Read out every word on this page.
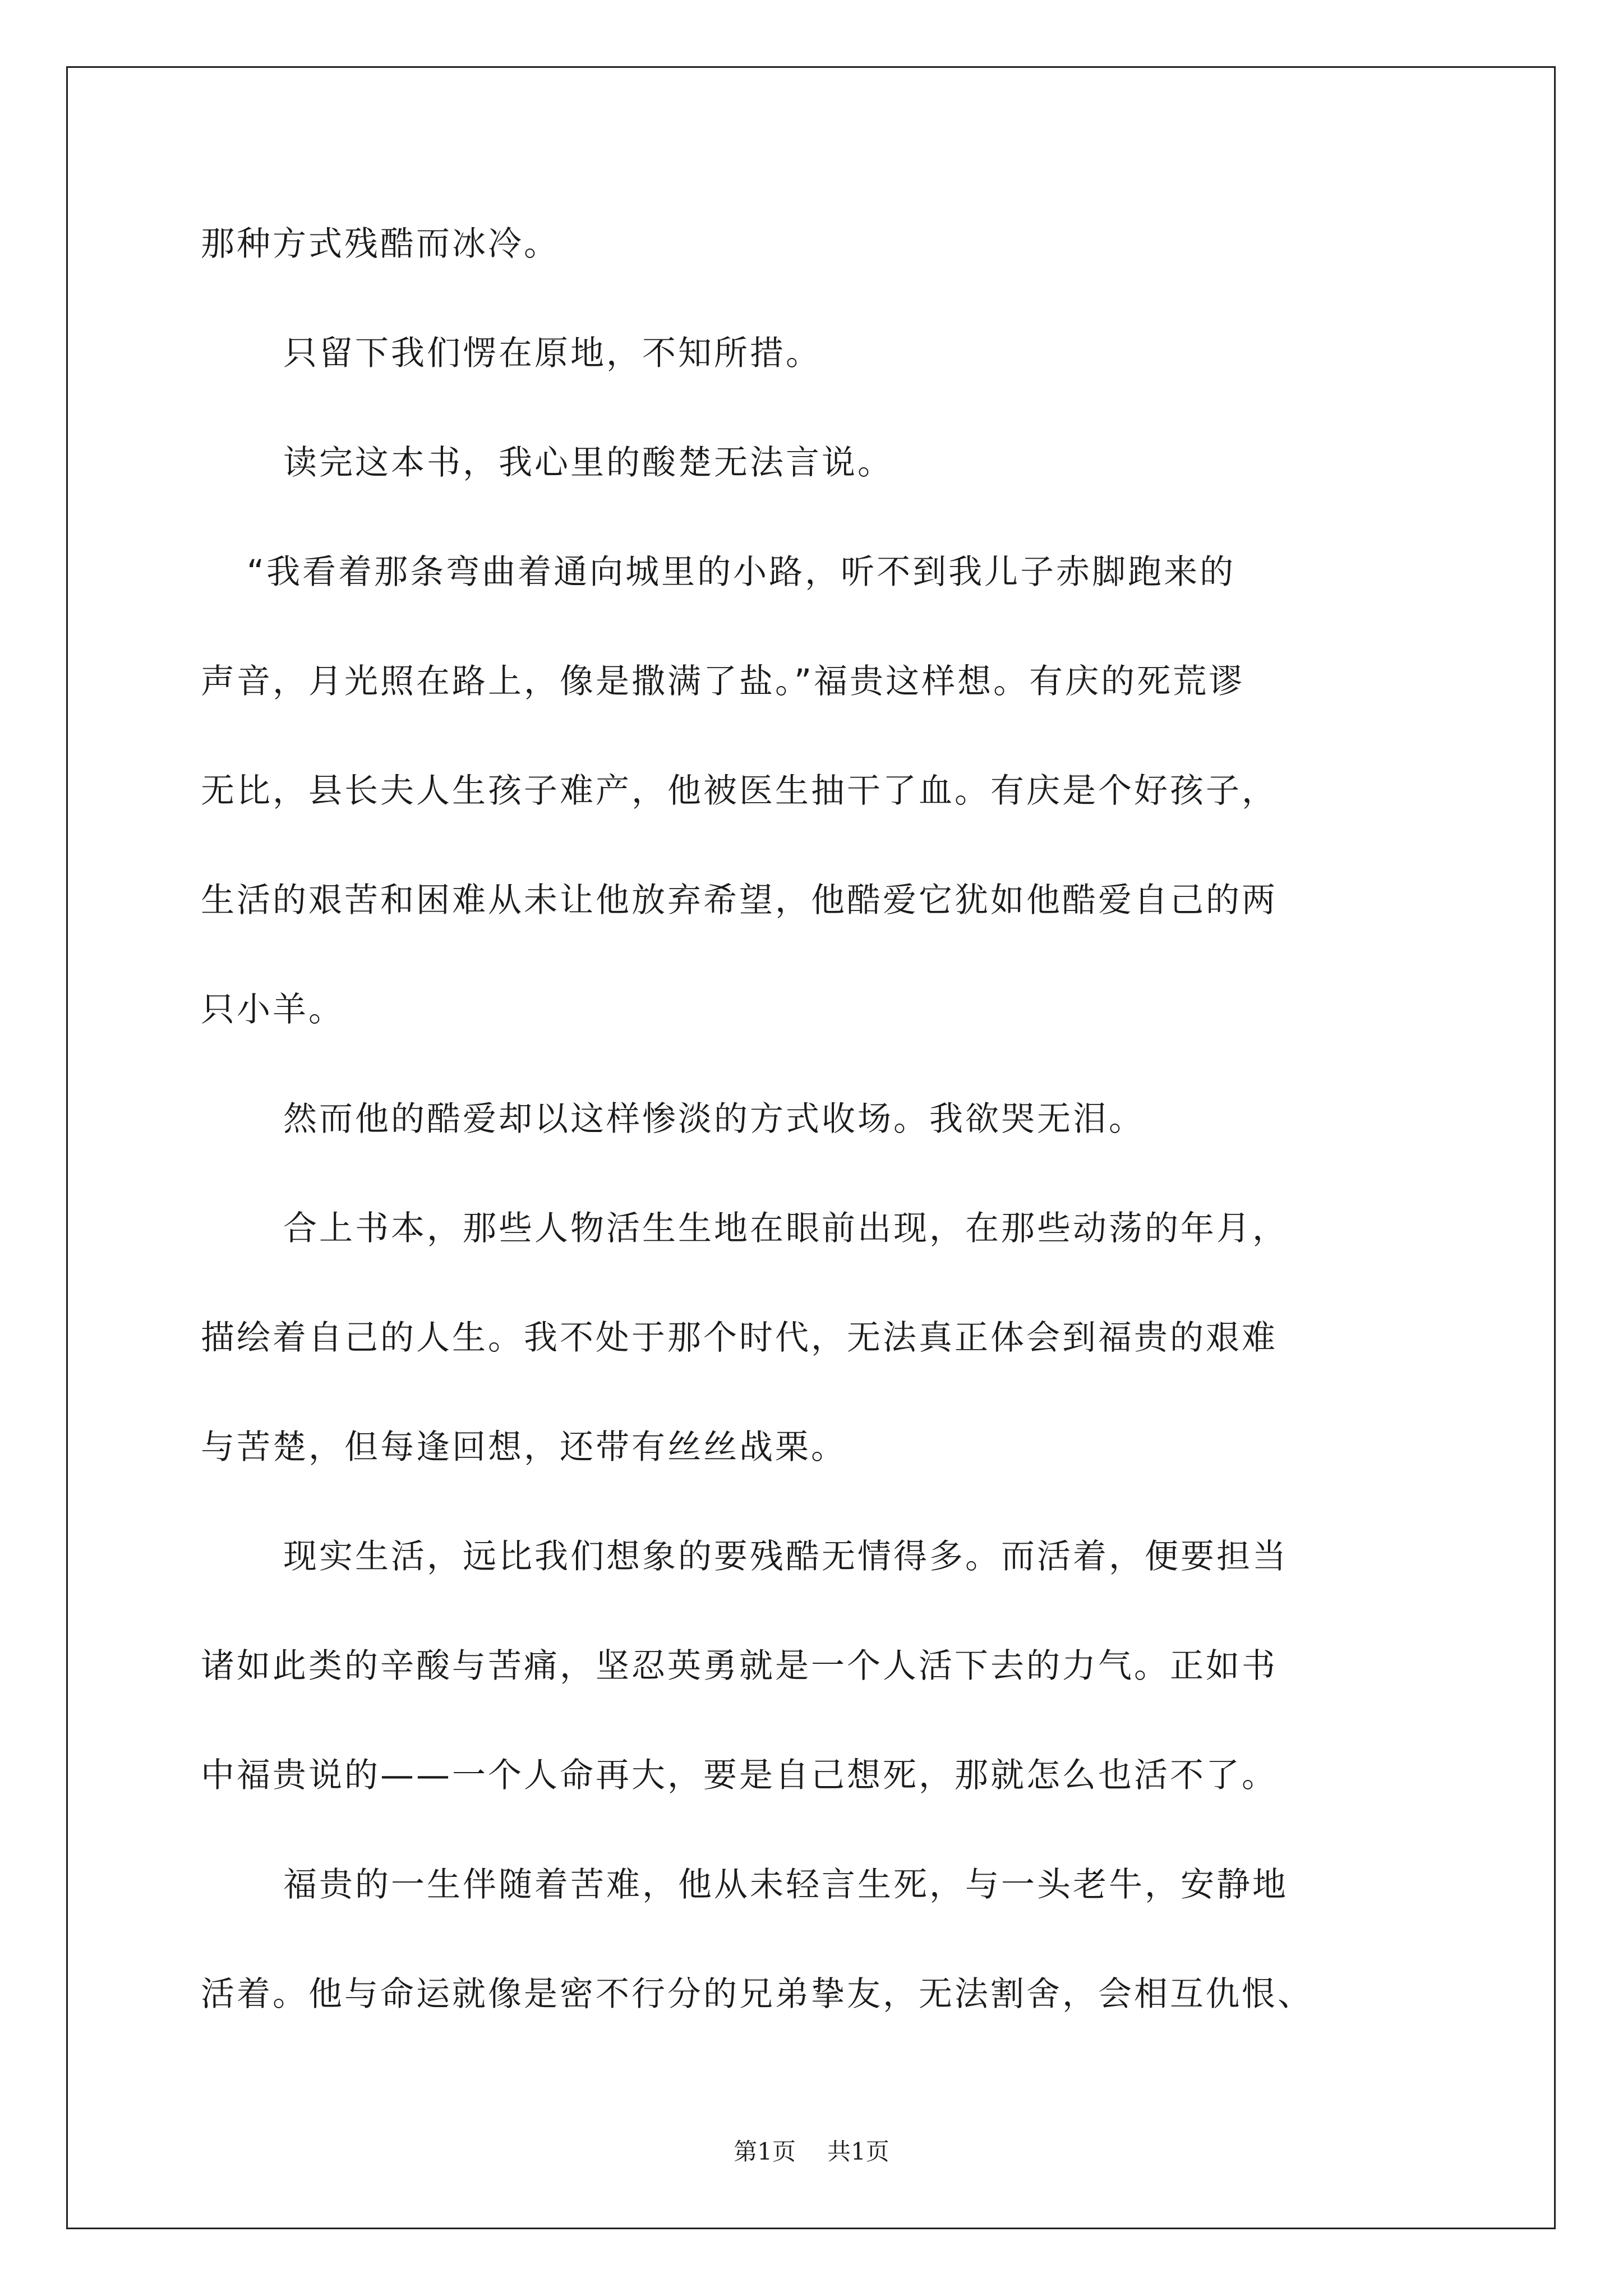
那种方式残酷而冰冷。
只留下我们愣在原地，不知所措。
读完这本书，我心里的酸楚无法言说。
“我看着那条弯曲着通向城里的小路，听不到我儿子赤脚跑来的
声音，月光照在路上，像是撒满了盐。”福贵这样想。有庆的死荒谬
无比，县长夫人生孩子难产，他被医生抽干了血。有庆是个好孩子，
生活的艰苦和困难从未让他放弃希望，他酷爱它犹如他酷爱自己的两
只小羊。
然而他的酷爱却以这样惨淡的方式收场。我欲哭无泪。
合上书本，那些人物活生生地在眼前出现，在那些动荡的年月，
描绘着自己的人生。我不处于那个时代，无法真正体会到福贵的艰难
与苦楚，但每逢回想，还带有丝丝战栗。
现实生活，远比我们想象的要残酷无情得多。而活着，便要担当
诸如此类的辛酸与苦痛，坚忍英勇就是一个人活下去的力气。正如书
中福贵说的——一个人命再大，要是自己想死，那就怎么也活不了。
福贵的一生伴随着苦难，他从未轻言生死，与一头老牛，安静地
活着。他与命运就像是密不行分的兄弟挚友，无法割舍，会相互仇恨、
第1页 共1页
